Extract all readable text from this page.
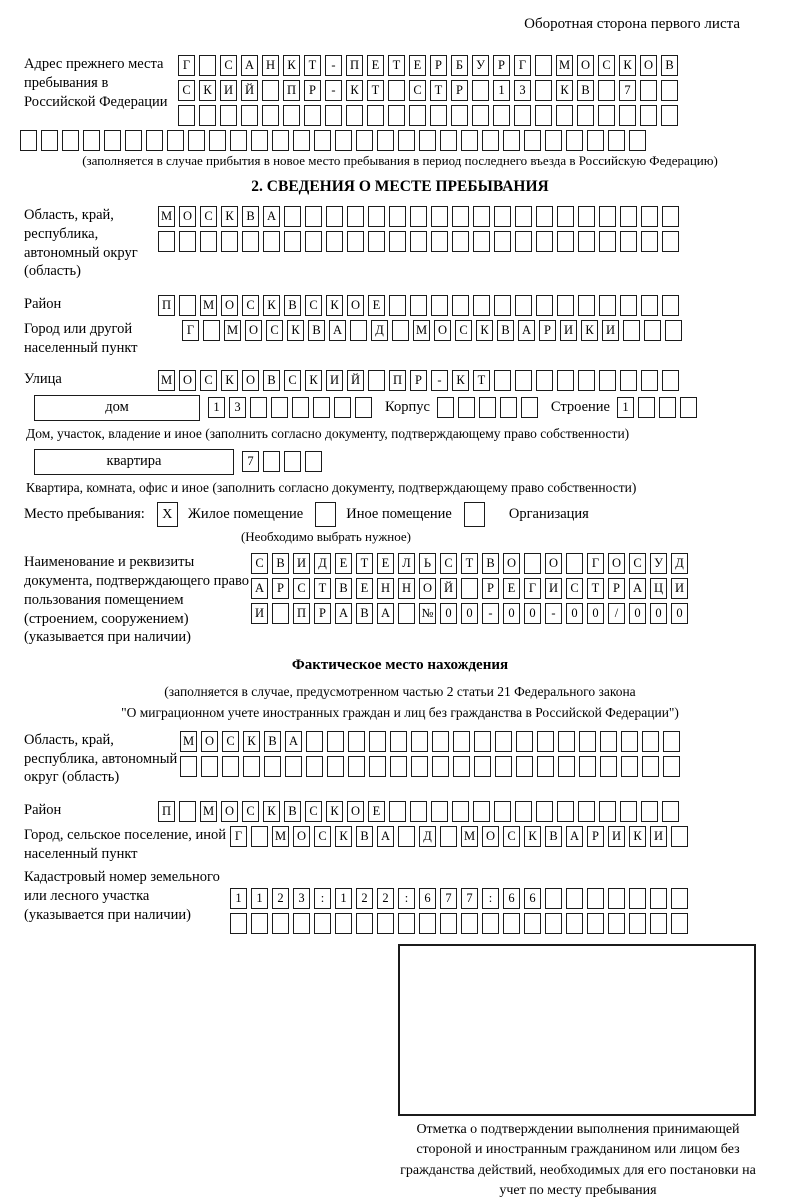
Оборотная сторона первого листа
Адрес прежнего места пребывания в Российской Федерации
Г	С А Н К	Т	-	П	Е	Т	Е	Р	Б	У	Р	Г	М О С	К О В
С	К И Й	П	Р	-	К	Т	С	Т	Р	1	3	К	В	7
(заполняется в случае прибытия в новое место пребывания в период последнего въезда в Российскую Федерацию)
2. СВЕДЕНИЯ О МЕСТЕ ПРЕБЫВАНИЯ
Область, край, республика, автономный округ (область)
М О С	К	В А
Район	П	М О С	К	В	С	К О	Е
Город или другой населенный пункт
Г	М О С	К	В А	Д	М О С	К	В А	Р	И К И
Улица	М О С	К О В	С	К И Й	П	Р	-	К	Т
дом	1	3	Корпус	Строение 1
Дом, участок, владение и иное (заполнить согласно документу, подтверждающему право собственности)
квартира	7
Квартира, комната, офис и иное (заполнить согласно документу, подтверждающему право собственности)
Место пребывания: X Жилое помещение	Иное помещение	Организация
(Необходимо выбрать нужное)
Наименование и реквизиты документа, подтверждающего право пользования помещением (строением, сооружением) (указывается при наличии)
С	В И Д	Е	Т	Е	Л	Ь	С	Т	В О	О	Г	О С У Д
А	Р	С	Т	В	Е	Н Н О Й	Р	Е	Г	И С	Т	Р	А Ц И
И	П	Р	А В А	№ 0	0	-	0	0	-	0	0	/	0	0	0
Фактическое место нахождения
(заполняется в случае, предусмотренном частью 2 статьи 21 Федерального закона
"О миграционном учете иностранных граждан и лиц без гражданства в Российской Федерации")
Область, край, республика, автономный округ (область)
М О С	К	В А
Район	П	М О С	К	В	С	К О	Е
Город, сельское поселение, иной населенный пункт
Г	М О С	К	В А	Д	М О С	К	В А	Р	И К И
Кадастровый номер земельного или лесного участка (указывается при наличии)
1	1	2	3	:	1	2	2	:	6	7	7	:	6	6
Отметка о подтверждении выполнения принимающей стороной и иностранным гражданином или лицом без гражданства действий, необходимых для его постановки на учет по месту пребывания
